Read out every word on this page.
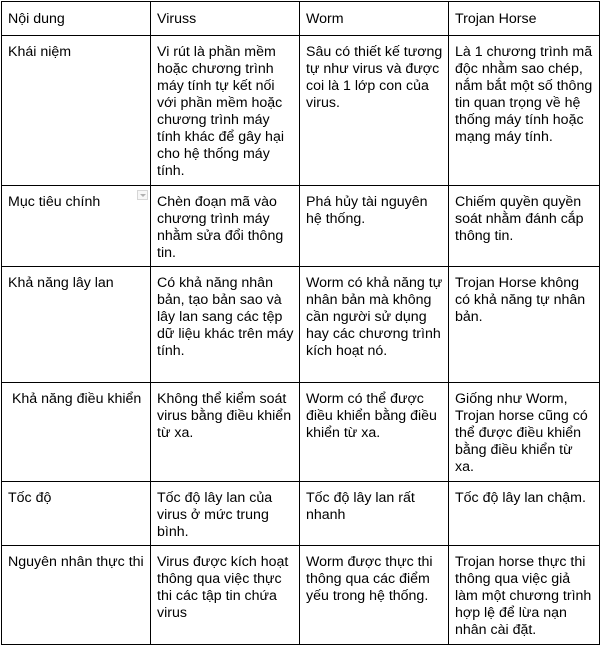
Nội dung	Viruss	Worm	Trojan Horse
Khái niệm	Vi rút là phần mềm hoặc chương trình máy tính tự kết nối với phần mềm hoặc chương trình máy tính khác để gây hại cho hệ thống máy tính.	Sâu có thiết kế tương tự như virus và được coi là 1 lớp con của virus.	Là 1 chương trình mã độc nhằm sao chép, nắm bắt một số thông tin quan trọng về hệ thống máy tính hoặc mạng máy tính.

Mục tiêu chính	Chèn đoạn mã vào chương trình máy nhằm sửa đổi thông tin.	Phá hủy tài nguyên hệ thống.	Chiếm quyền quyền soát nhằm đánh cắp thông tin.
Khả năng lây lan	Có khả năng nhân bản, tạo bản sao và lây lan sang các tệp dữ liệu khác trên máy tính.	Worm có khả năng tự nhân bản mà không cần người sử dụng hay các chương trình kích hoạt nó.	Trojan Horse không có khả năng tự nhân bản.
Khả năng điều khiển	Không thể kiểm soát virus bằng điều khiển từ xa.	Worm có thể được điều khiển bằng điều khiển từ xa.	Giống như Worm, Trojan horse cũng có thể được điều khiển bằng điều khiển từ xa.
Tốc độ	Tốc độ lây lan của virus ở mức trung bình.	Tốc độ lây lan rất nhanh	Tốc độ lây lan chậm.
Nguyên nhân thực thi	Virus được kích hoạt thông qua việc thực thi các tập tin chứa virus	Worm được thực thi thông qua các điểm yếu trong hệ thống.	Trojan horse thực thi thông qua việc giả làm một chương trình hợp lệ để lừa nạn nhân cài đặt.
